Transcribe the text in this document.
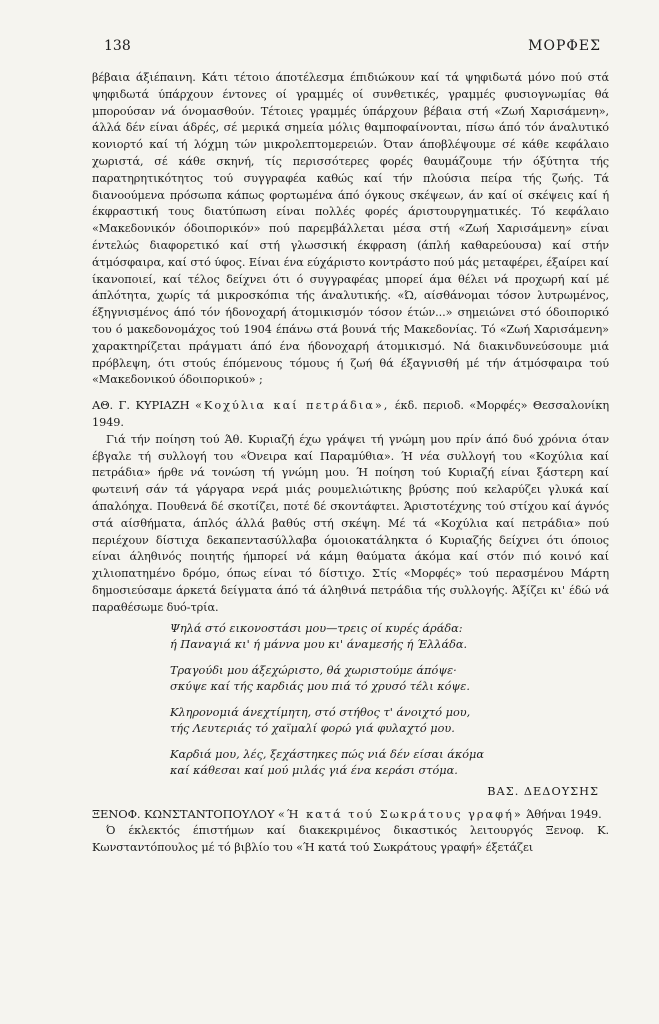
138	ΜΟΡΦΕΣ

βέβαια άξιέπαινη. Κάτι τέτοιο άποτέλεσμα έπιδιώκουν καί τά ψηφιδωτά μόνο πού στά ψηφιδωτά ύπάρχουν έντονες οί γραμμές οί συνθετικές, γραμμές φυσιογνωμίας θά μπορούσαν νά όνομασθούν. Τέτοιες γραμμές ύπάρχουν βέβαια στή «Ζωή Χαρισάμενη», άλλά δέν είναι άδρές, σέ μερικά σημεία μόλις θαμποφαίνονται, πίσω άπό τόν άναλυτικό κονιορτό καί τή λόχμη τών μικρολεπτομερειών. Όταν άποβλέψουμε σέ κάθε κεφάλαιο χωριστά, σέ κάθε σκηνή, τίς περισσότερες φορές θαυμάζουμε τήν όξύτητα τής παρατηρητικότητος τού συγγραφέα καθώς καί τήν πλούσια πείρα τής ζωής. Τά διανοούμενα πρόσωπα κάπως φορτωμένα άπό όγκους σκέψεων, άν καί οί σκέψεις καί ή έκφραστική τους διατύπωση είναι πολλές φορές άριστουργηματικές. Τό κεφάλαιο «Μακεδονικόν όδοιπορικόν» πού παρεμβάλλεται μέσα στή «Ζωή Χαρισάμενη» είναι έντελώς διαφορετικό καί στή γλωσσική έκφραση (άπλή καθαρεύουσα) καί στήν άτμόσφαιρα, καί στό ύφος. Είναι ένα εύχάριστο κοντράστο πού μάς μεταφέρει, έξαίρει καί ίκανοποιεί, καί τέλος δείχνει ότι ό συγγραφέας μπορεί άμα θέλει νά προχωρή καί μέ άπλότητα, χωρίς τά μικροσκόπια τής άναλυτικής. «Ώ, αίσθάνομαι τόσον λυτρωμένος, έξηγνισμένος άπό τόν ήδονοχαρή άτομικισμόν τόσον έτών...» σημειώνει στό όδοιπορικό του ό μακεδονομάχος τού 1904 έπάνω στά βουνά τής Μακεδονίας. Τό «Ζωή Χαρισάμενη» χαρακτηρίζεται πράγματι άπό ένα ήδονοχαρή άτομικισμό. Νά διακινδυνεύσουμε μιά πρόβλεψη, ότι στούς έπόμενους τόμους ή ζωή θά έξαγνισθή μέ τήν άτμόσφαιρα τού «Μακεδονικού όδοιπορικού» ;

ΑΘ. Γ. ΚΥΡΙΑΖΗ «Κοχύλια καί πετράδια», έκδ. περιοδ. «Μορφές» Θεσσαλονίκη 1949.

Γιά τήν ποίηση τού Άθ. Κυριαζή έχω γράψει τή γνώμη μου πρίν άπό δυό χρόνια όταν έβγαλε τή συλλογή του «Όνειρα καί Παραμύθια». Ή νέα συλλογή του «Κοχύλια καί πετράδια» ήρθε νά τονώση τή γνώμη μου. Ή ποίηση τού Κυριαζή είναι ξάστερη καί φωτεινή σάν τά γάργαρα νερά μιάς ρουμελιώτικης βρύσης πού κελαρύζει γλυκά καί άπαλόηχα. Πουθενά δέ σκοτίζει, ποτέ δέ σκοντάφτει. Άριστοτέχνης τού στίχου καί άγνός στά αίσθήματα, άπλός άλλά βαθύς στή σκέψη. Μέ τά «Κοχύλια καί πετράδια» πού περιέχουν δίστιχα δεκαπεντασύλλαβα όμοιοκατάληκτα ό Κυριαζής δείχνει ότι όποιος είναι άληθινός ποιητής ήμπορεί νά κάμη θαύματα άκόμα καί στόν πιό κοινό καί χιλιοπατημένο δρόμο, όπως είναι τό δίστιχο. Στίς «Μορφές» τού περασμένου Μάρτη δημοσιεύσαμε άρκετά δείγματα άπό τά άληθινά πετράδια τής συλλογής. Άξίζει κι' έδώ νά παραθέσωμε δυό-τρία.

Ψηλά στό εικονοστάσι μου—τρεις οί κυρές άράδα:
ή Παναγιά κι' ή μάννα μου κι' άναμεσής ή Έλλάδα.
Τραγούδι μου άξεχώριστο, θά χωριστούμε άπόψε·
σκύψε καί τής καρδιάς μου πιά τό χρυσό τέλι κόψε.
Κληρονομιά άνεχτίμητη, στό στήθος τ' άνοιχτό μου,
τής Λευτεριάς τό χαϊμαλί φορώ γιά φυλαχτό μου.
Καρδιά μου, λές, ξεχάστηκες πώς νιά δέν είσαι άκόμα
καί κάθεσαι καί μού μιλάς γιά ένα κεράσι στόμα.
ΒΑΣ. ΔΕΔΟΥΣΗΣ

ΞΕΝΟΦ. ΚΩΝΣΤΑΝΤΟΠΟΥΛΟΥ «Ή κατά τού Σωκράτους γραφή» Άθήναι 1949.

Ό έκλεκτός έπιστήμων καί διακεκριμένος δικαστικός λειτουργός Ξενοφ. Κ. Κωνσταντόπουλος μέ τό βιβλίο του «Ή κατά τού Σωκράτους γραφή» έξετάζει
